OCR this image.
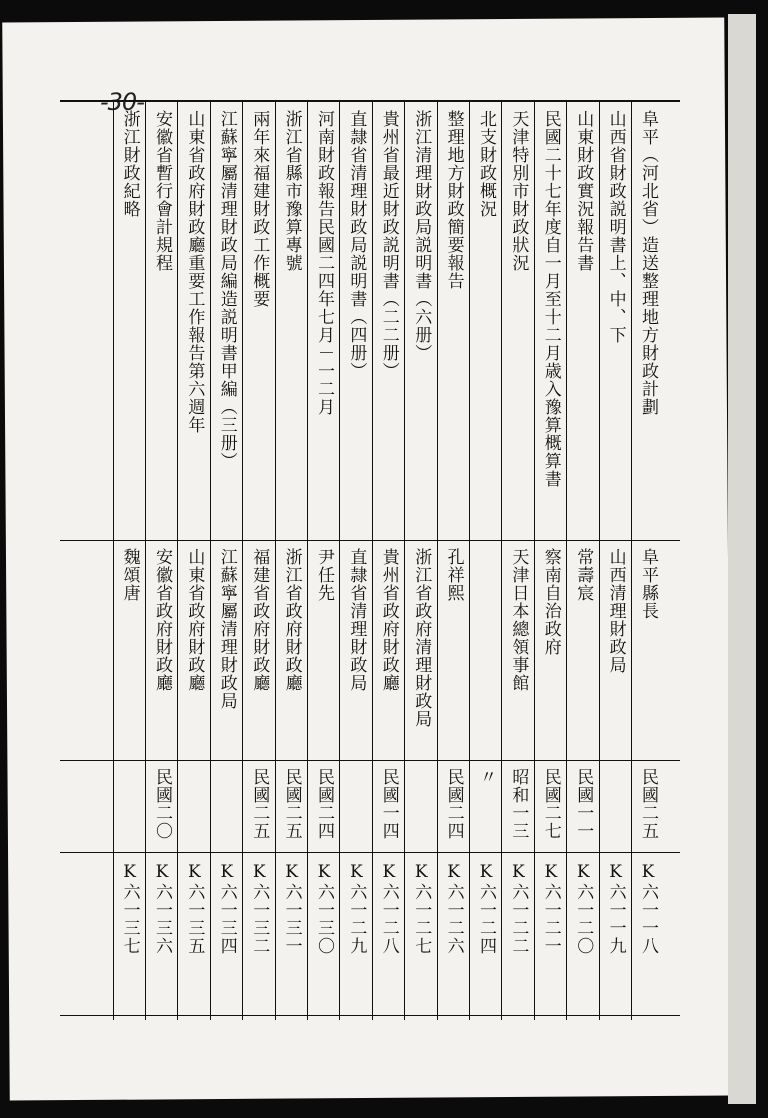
-30-
阜平（河北省）造送整理地方財政計劃
阜平縣長
民國二五
K六一一八
山西省財政説明書上、中、下
山西清理財政局
K六一一九
山東財政實況報告書
常壽宸
民國一一
K六一二〇
民國二十七年度自一月至十二月歳入豫算概算書
察南自治政府
民國二七
K六一二一
天津特別市財政狀況
天津日本總領事館
昭和一三
K六一二二
北支財政概況
〃
K六一二四
整理地方財政簡要報告
孔祥熙
民國二四
K六一二六
浙江清理財政局説明書（六册）
浙江省政府清理財政局
K六一二七
貴州省最近財政説明書（二二册）
貴州省政府財政廳
民國一四
K六一二八
直隷省清理財政局説明書（四册）
直隷省清理財政局
K六一二九
河南財政報告民國二四年七月－一二月
尹任先
民國二四
K六一三〇
浙江省縣市豫算專號
浙江省政府財政廳
民國二五
K六一三一
兩年來福建財政工作概要
福建省政府財政廳
民國二五
K六一三二
江蘇寧屬清理財政局編造説明書甲編（三册）
江蘇寧屬清理財政局
K六一三四
山東省政府財政廳重要工作報告第六週年
山東省政府財政廳
K六一三五
安徽省暫行會計規程
安徽省政府財政廳
民國二〇
K六一三六
浙江財政紀略
魏頌唐
K六一三七
